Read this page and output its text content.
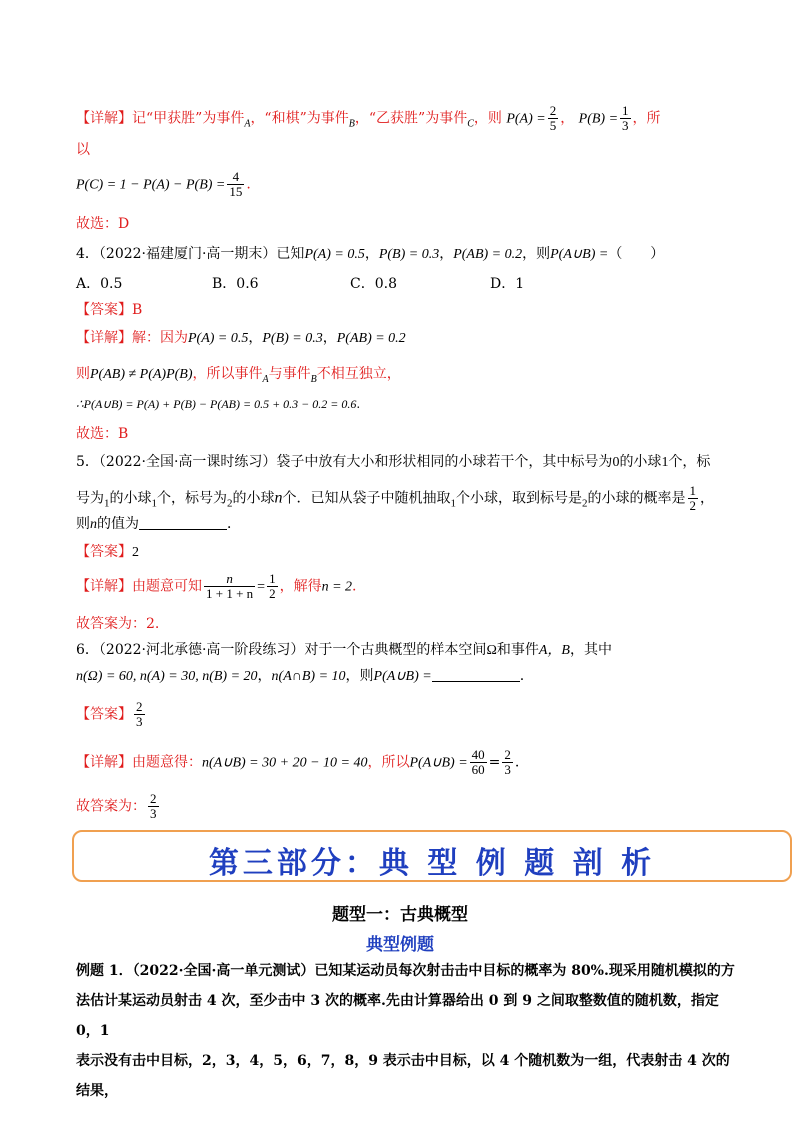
【详解】记“甲获胜”为事件$_A$，“和棋”为事件$_B$，“乙获胜”为事件$_C$，则 $P(A) = \frac{2}{5}$ ， $P(B) = \frac{1}{3}$ ，所
以
$P(C) = 1 - P(A) - P(B) = \frac{4}{15}$ .
故选：D
4．（2022·福建厦门·高一期末）已知P(A) = 0.5，P(B) = 0.3，P(AB) = 0.2，则P(A∪B) =（　　）
A．0.5	B．0.6	C．0.8	D．1
【答案】B
【详解】解：因为P(A) = 0.5，P(B) = 0.3，P(AB) = 0.2
则P(AB) ≠ P(A)P(B)，所以事件$_A$与事件$_B$不相互独立，
∴P(A∪B) = P(A) + P(B) − P(AB) = 0.5 + 0.3 − 0.2 = 0.6.
故选：B
5．（2022·全国·高一课时练习）袋子中放有大小和形状相同的小球若干个，其中标号为0的小球1个，标
号为$_1$的小球$_1$个，标号为$_2$的小球n个．已知从袋子中随机抽取$_1$个小球，取到标号是$_2$的小球的概率是 $\frac{1}{2}$ ，
则n的值为	．
【答案】2
【详解】由题意可知 $\frac{n}{1 + 1 + n} = \frac{1}{2}$ ，解得n = 2.
故答案为：2.
6．（2022·河北承德·高一阶段练习）对于一个古典概型的样本空间Ω和事件A，B，其中
n(Ω) = 60, n(A) = 30, n(B) = 20，n(A∩B) = 10，则P(A∪B) =	.
【答案】 $\frac{2}{3}$
【详解】由题意得：n(A∪B) = 30 + 20 − 10 = 40，所以P(A∪B) = $\frac{40}{60} = \frac{2}{3}$ .
故答案为： $\frac{2}{3}$
第三部分：典 型 例 题 剖 析
题型一：古典概型
典型例题
例题 1．（2022·全国·高一单元测试）已知某运动员每次射击击中目标的概率为 80%.现采用随机模拟的方
法估计某运动员射击 4 次，至少击中 3 次的概率.先由计算器给出 0 到 9 之间取整数值的随机数，指定 0，1
表示没有击中目标，2，3，4，5，6，7，8，9 表示击中目标，以 4 个随机数为一组，代表射击 4 次的结果，
